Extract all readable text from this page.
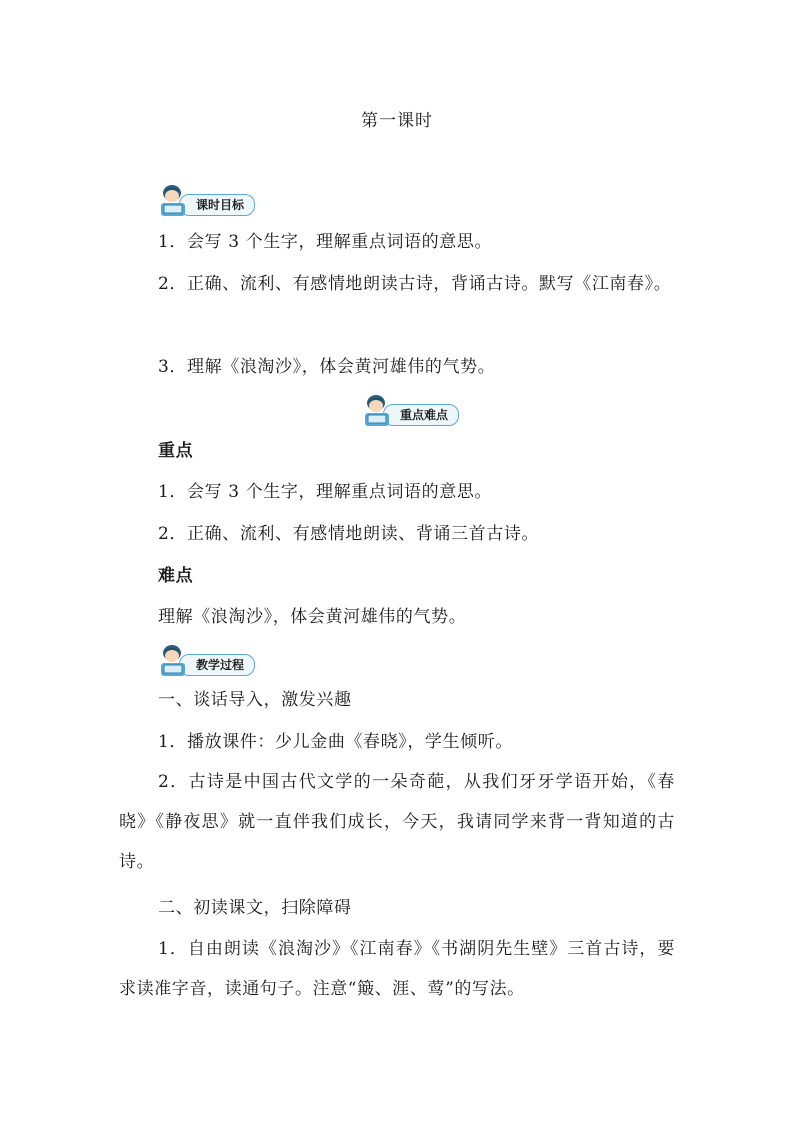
第一课时
课时目标
1．会写 3 个生字，理解重点词语的意思。
2．正确、流利、有感情地朗读古诗，背诵古诗。默写《江南春》。
3．理解《浪淘沙》，体会黄河雄伟的气势。
重点难点
重点
1．会写 3 个生字，理解重点词语的意思。
2．正确、流利、有感情地朗读、背诵三首古诗。
难点
理解《浪淘沙》，体会黄河雄伟的气势。
教学过程
一、谈话导入，激发兴趣
1．播放课件：少儿金曲《春晓》，学生倾听。
2．古诗是中国古代文学的一朵奇葩，从我们牙牙学语开始，《春晓》《静夜思》就一直伴我们成长，今天，我请同学来背一背知道的古诗。
二、初读课文，扫除障碍
1．自由朗读《浪淘沙》《江南春》《书湖阴先生壁》三首古诗，要求读准字音，读通句子。注意“簸、涯、莺”的写法。
